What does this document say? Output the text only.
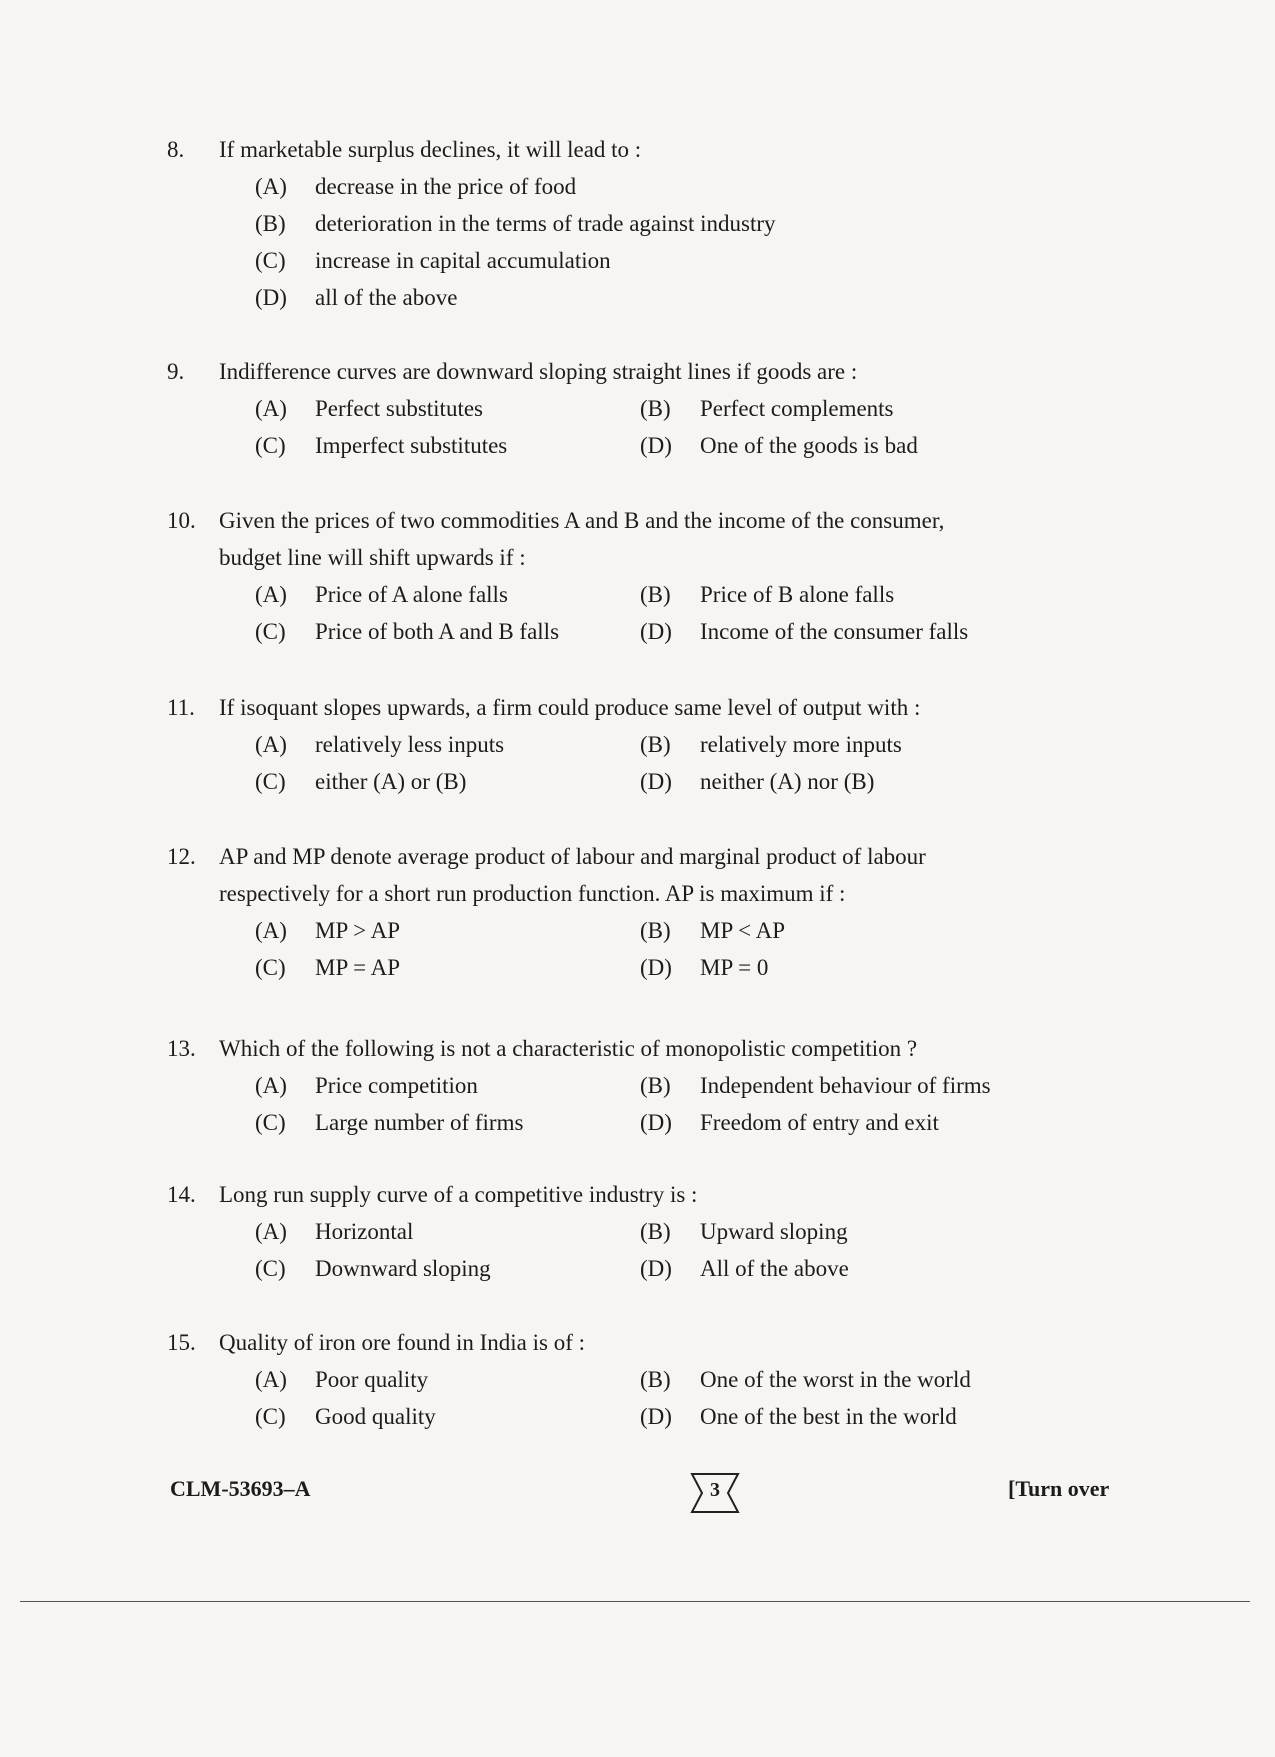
8.	If marketable surplus declines, it will lead to :
(A)	decrease in the price of food
(B)	deterioration in the terms of trade against industry
(C)	increase in capital accumulation
(D)	all of the above
9.	Indifference curves are downward sloping straight lines if goods are :
(A)	Perfect substitutes	(B)	Perfect complements
(C)	Imperfect substitutes	(D)	One of the goods is bad
10.	Given the prices of two commodities A and B and the income of the consumer,
budget line will shift upwards if :
(A)	Price of A alone falls	(B)	Price of B alone falls
(C)	Price of both A and B falls	(D)	Income of the consumer falls
11.	If isoquant slopes upwards, a firm could produce same level of output with :
(A)	relatively less inputs	(B)	relatively more inputs
(C)	either (A) or (B)	(D)	neither (A) nor (B)
12.	AP and MP denote average product of labour and marginal product of labour
respectively for a short run production function. AP is maximum if :
(A)	MP > AP	(B)	MP < AP
(C)	MP = AP	(D)	MP = 0
13.	Which of the following is not a characteristic of monopolistic competition ?
(A)	Price competition	(B)	Independent behaviour of firms
(C)	Large number of firms	(D)	Freedom of entry and exit
14.	Long run supply curve of a competitive industry is :
(A)	Horizontal	(B)	Upward sloping
(C)	Downward sloping	(D)	All of the above
15.	Quality of iron ore found in India is of :
(A)	Poor quality	(B)	One of the worst in the world
(C)	Good quality	(D)	One of the best in the world
CLM-53693–A	3	[Turn over
